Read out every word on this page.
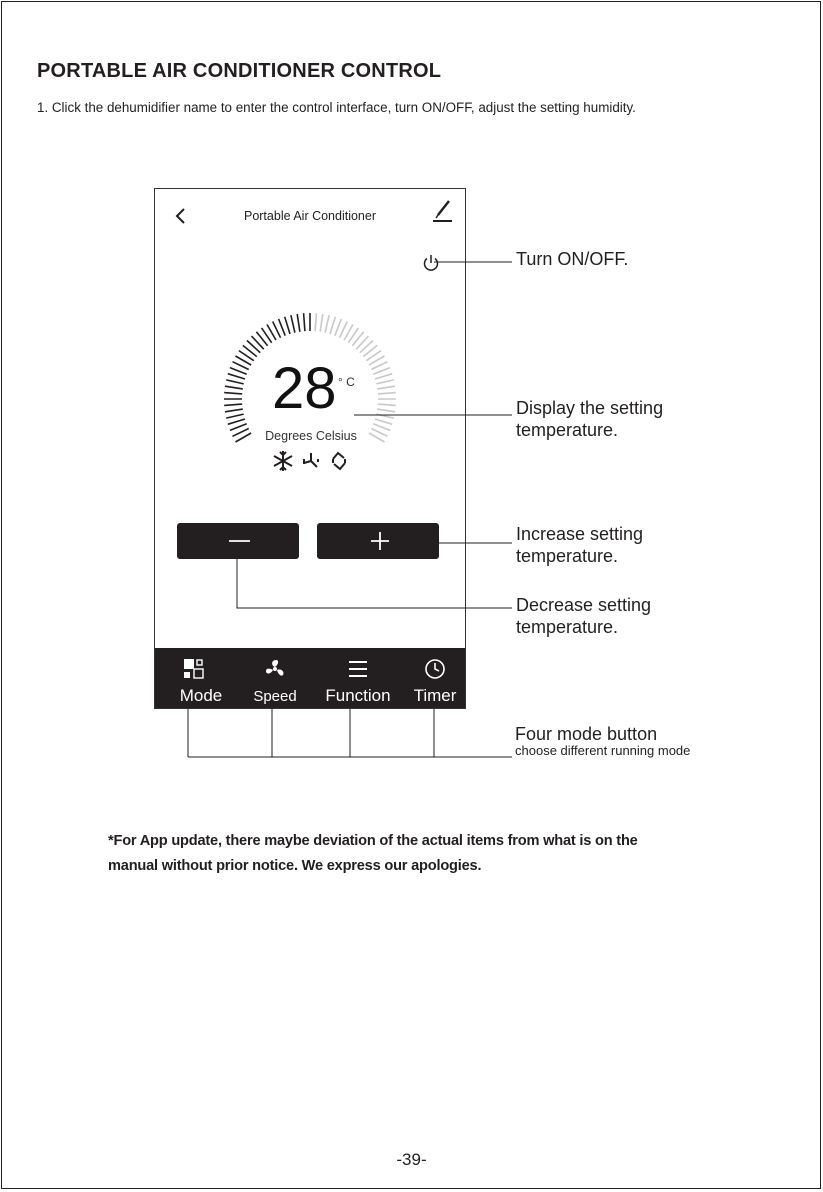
PORTABLE AIR CONDITIONER CONTROL
1. Click the dehumidifier name to enter the control interface, turn ON/OFF, adjust the setting humidity.
Portable Air Conditioner
28 ° C
Degrees Celsius
Mode	Speed	Function	Timer
Turn ON/OFF.
Display the setting
temperature.
Increase setting
temperature.
Decrease setting
temperature.
Four mode button
choose different running mode
*For App update, there maybe deviation of the actual items from what is on the
manual without prior notice. We express our apologies.
-39-
